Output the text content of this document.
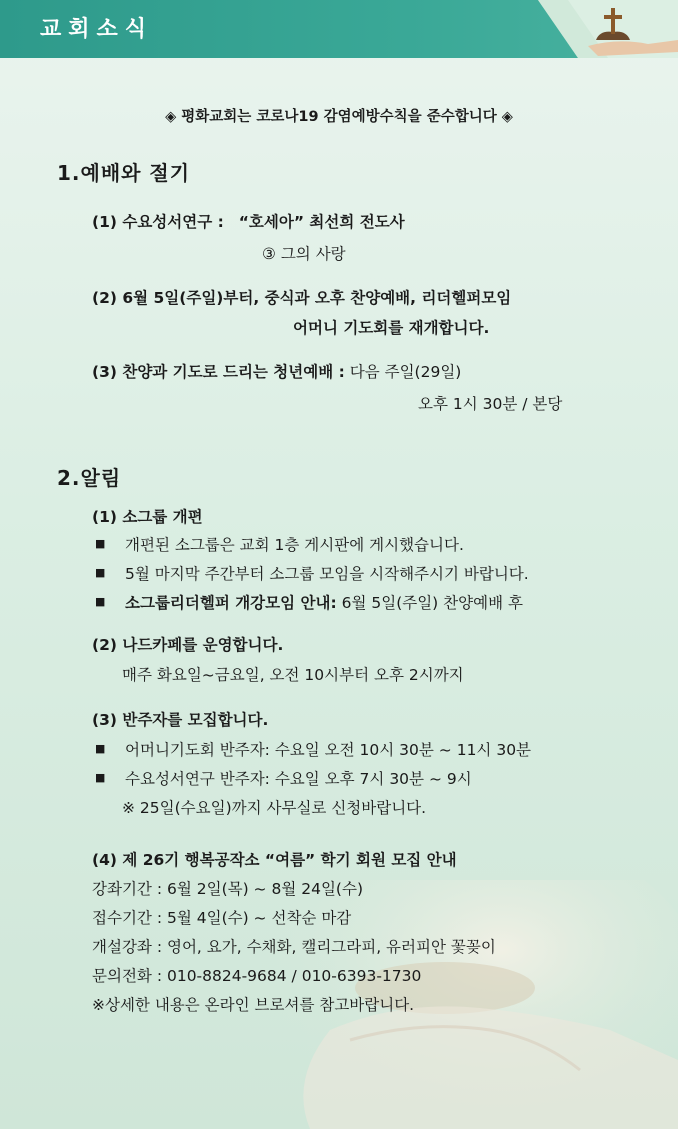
교회소식
◈ 평화교회는 코로나19 감염예방수칙을 준수합니다 ◈
1.예배와 절기
(1) 수요성서연구 : “호세아” 최선희 전도사
③ 그의 사랑
(2) 6월 5일(주일)부터, 중식과 오후 찬양예배, 리더헬퍼모임
어머니 기도회를 재개합니다.
(3) 찬양과 기도로 드리는 청년예배 : 다음 주일(29일)
오후 1시 30분 / 본당
2.알림
(1) 소그룹 개편
■ 개편된 소그룹은 교회 1층 게시판에 게시했습니다.
■ 5월 마지막 주간부터 소그룹 모임을 시작해주시기 바랍니다.
■ 소그룹리더헬퍼 개강모임 안내: 6월 5일(주일) 찬양예배 후
(2) 나드카페를 운영합니다.
매주 화요일~금요일, 오전 10시부터 오후 2시까지
(3) 반주자를 모집합니다.
■ 어머니기도회 반주자: 수요일 오전 10시 30분 ~ 11시 30분
■ 수요성서연구 반주자: 수요일 오후 7시 30분 ~ 9시
※ 25일(수요일)까지 사무실로 신청바랍니다.
(4) 제 26기 행복공작소 “여름” 학기 회원 모집 안내
강좌기간 : 6월 2일(목) ~ 8월 24일(수)
접수기간 : 5월 4일(수) ~ 선착순 마감
개설강좌 : 영어, 요가, 수채화, 캘리그라피, 유러피안 꽃꽂이
문의전화 : 010-8824-9684 / 010-6393-1730
※상세한 내용은 온라인 브로셔를 참고바랍니다.
